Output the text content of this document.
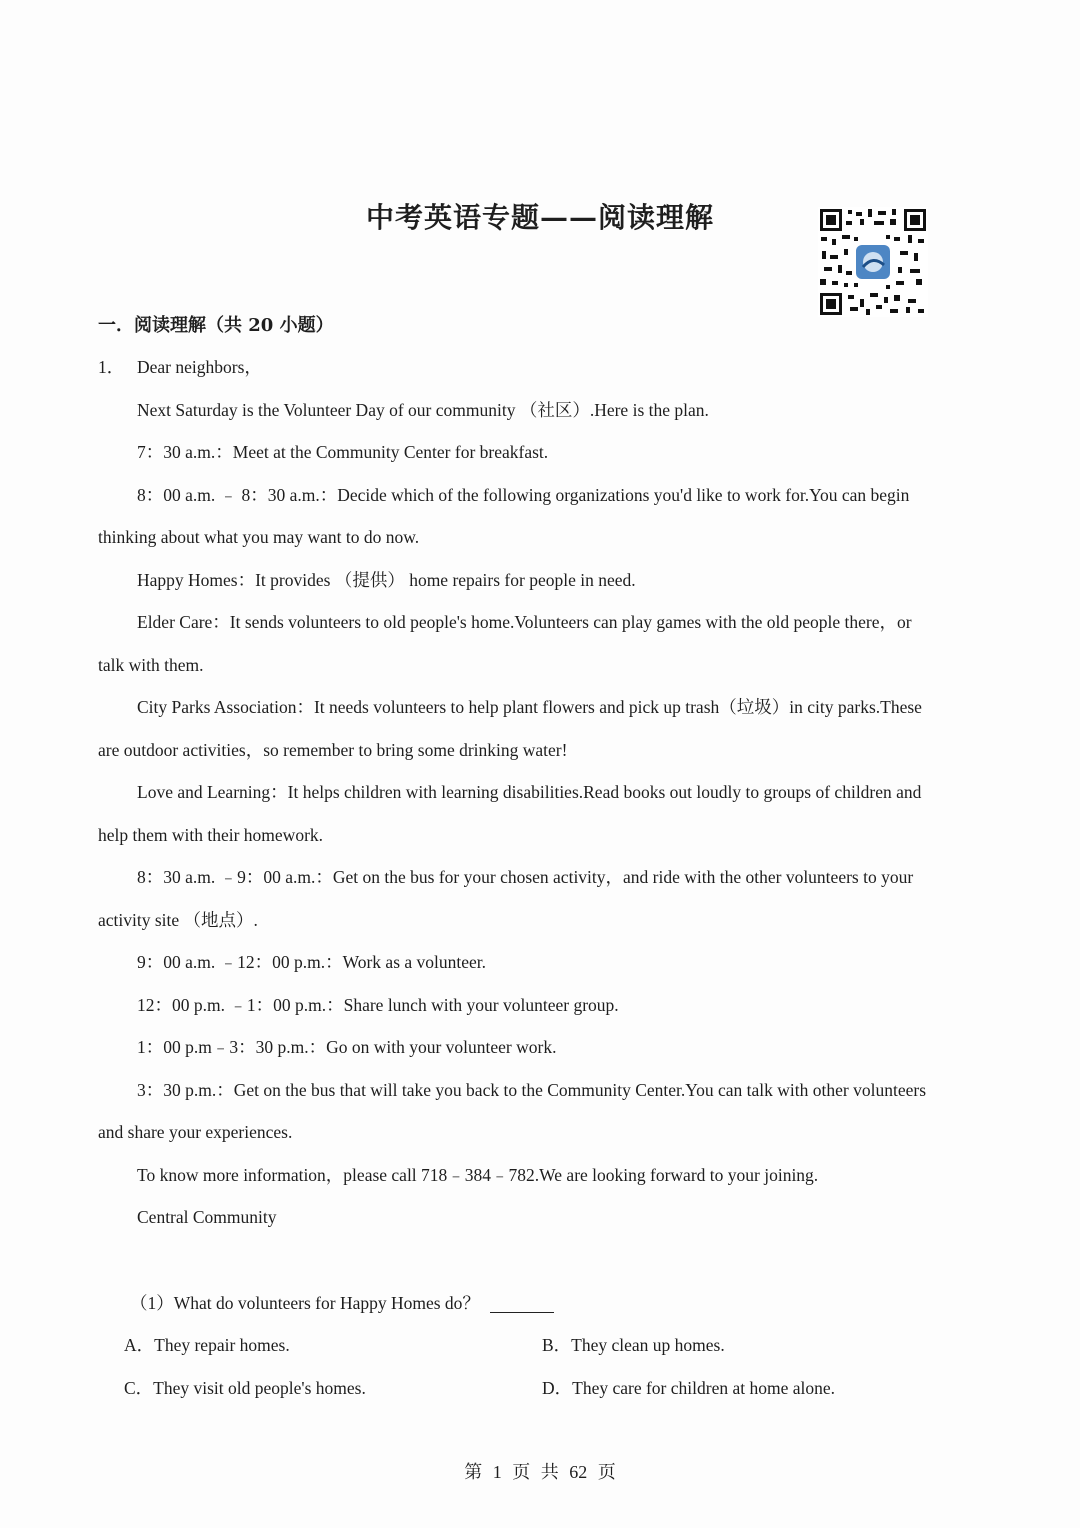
中考英语专题——阅读理解
一．阅读理解（共 20 小题）
1． Dear neighbors，
Next Saturday is the Volunteer Day of our community （社区）.Here is the plan.
7：30 a.m.：Meet at the Community Center for breakfast.
8：00 a.m. ﹣ 8：30 a.m.：Decide which of the following organizations you'd like to work for.You can begin
thinking about what you may want to do now.
Happy Homes：It provides （提供） home repairs for people in need.
Elder Care：It sends volunteers to old people's home.Volunteers can play games with the old people there，or
talk with them.
City Parks Association：It needs volunteers to help plant flowers and pick up trash（垃圾）in city parks.These
are outdoor activities，so remember to bring some drinking water!
Love and Learning：It helps children with learning disabilities.Read books out loudly to groups of children and
help them with their homework.
8：30 a.m. ﹣9：00 a.m.：Get on the bus for your chosen activity，and ride with the other volunteers to your
activity site （地点）.
9：00 a.m. ﹣12：00 p.m.：Work as a volunteer.
12：00 p.m. ﹣1：00 p.m.：Share lunch with your volunteer group.
1：00 p.m﹣3：30 p.m.：Go on with your volunteer work.
3：30 p.m.：Get on the bus that will take you back to the Community Center.You can talk with other volunteers
and share your experiences.
To know more information，please call 718﹣384﹣782.We are looking forward to your joining.
Central Community
（1）What do volunteers for Happy Homes do？
A．They repair homes.	B．They clean up homes.
C．They visit old people's homes.	D．They care for children at home alone.
第 1 页 共 62 页
